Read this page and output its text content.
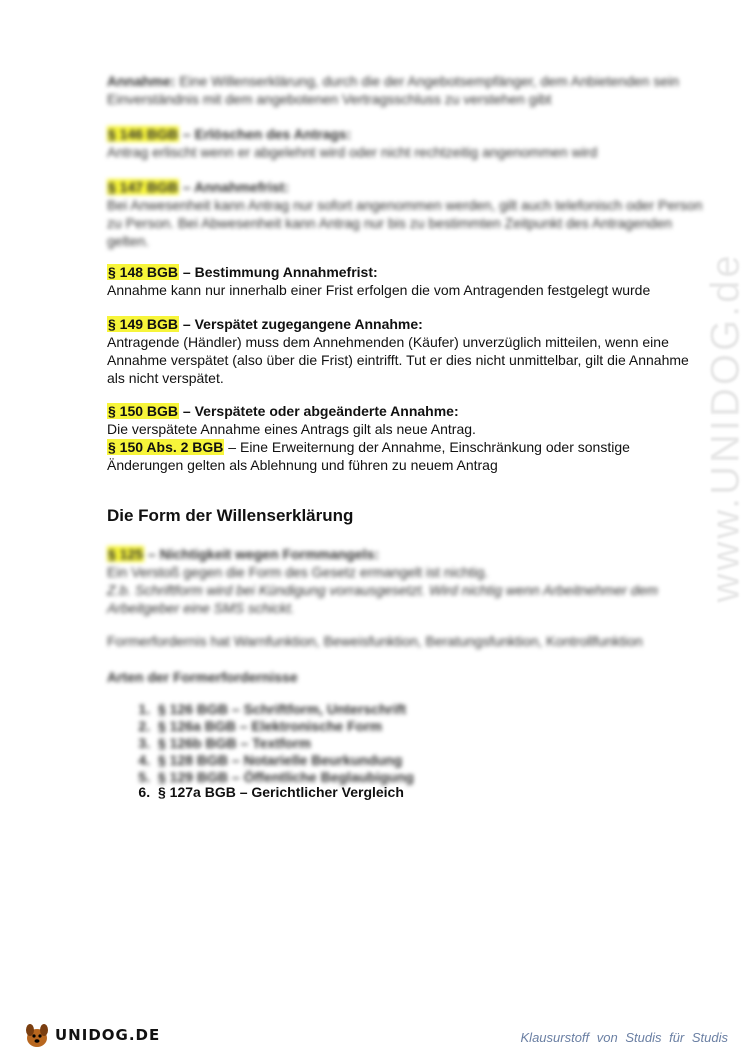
www.UNIDOG.de

Annahme: Eine Willenserklärung, durch die der Angebotsempfänger, dem Anbietenden sein Einverständnis mit dem angebotenen Vertragsschluss zu verstehen gibt

§ 146 BGB – Erlöschen des Antrags:

Antrag erlischt wenn er abgelehnt wird oder nicht rechtzeitig angenommen wird

§ 147 BGB – Annahmefrist:

Bei Anwesenheit kann Antrag nur sofort angenommen werden, gilt auch telefonisch oder Person zu Person. Bei Abwesenheit kann Antrag nur bis zu bestimmten Zeitpunkt des Antragenden gelten.

§ 148 BGB – Bestimmung Annahmefrist:

Annahme kann nur innerhalb einer Frist erfolgen die vom Antragenden festgelegt wurde

§ 149 BGB – Verspätet zugegangene Annahme:

Antragende (Händler) muss dem Annehmenden (Käufer) unverzüglich mitteilen, wenn eine Annahme verspätet (also über die Frist) eintrifft. Tut er dies nicht unmittelbar, gilt die Annahme als nicht verspätet.

§ 150 BGB – Verspätete oder abgeänderte Annahme:

Die verspätete Annahme eines Antrags gilt als neue Antrag.

§ 150 Abs. 2 BGB – Eine Erweiternung der Annahme, Einschränkung oder sonstige Änderungen gelten als Ablehnung und führen zu neuem Antrag

Die Form der Willenserklärung

§ 125 – Nichtigkeit wegen Formmangels:

Ein Verstoß gegen die Form des Gesetz ermangelt ist nichtig.

Z.b. Schriftform wird bei Kündigung vorrausgesetzt. Wird nichtig wenn Arbeitnehmer dem Arbeitgeber eine SMS schickt.

Formerfordernis hat Warnfunktion, Beweisfunktion, Beratungsfunktion, Kontrollfunktion

Arten der Formerfordernisse
1. § 126 BGB – Schriftform, Unterschrift
2. § 126a BGB – Elektronische Form
3. § 126b BGB – Textform
4. § 128 BGB – Notarielle Beurkundung
5. § 129 BGB – Öffentliche Beglaubigung
6. § 127a BGB – Gerichtlicher Vergleich
UNIDOG.DE	Klausurstoff von Studis für Studis
